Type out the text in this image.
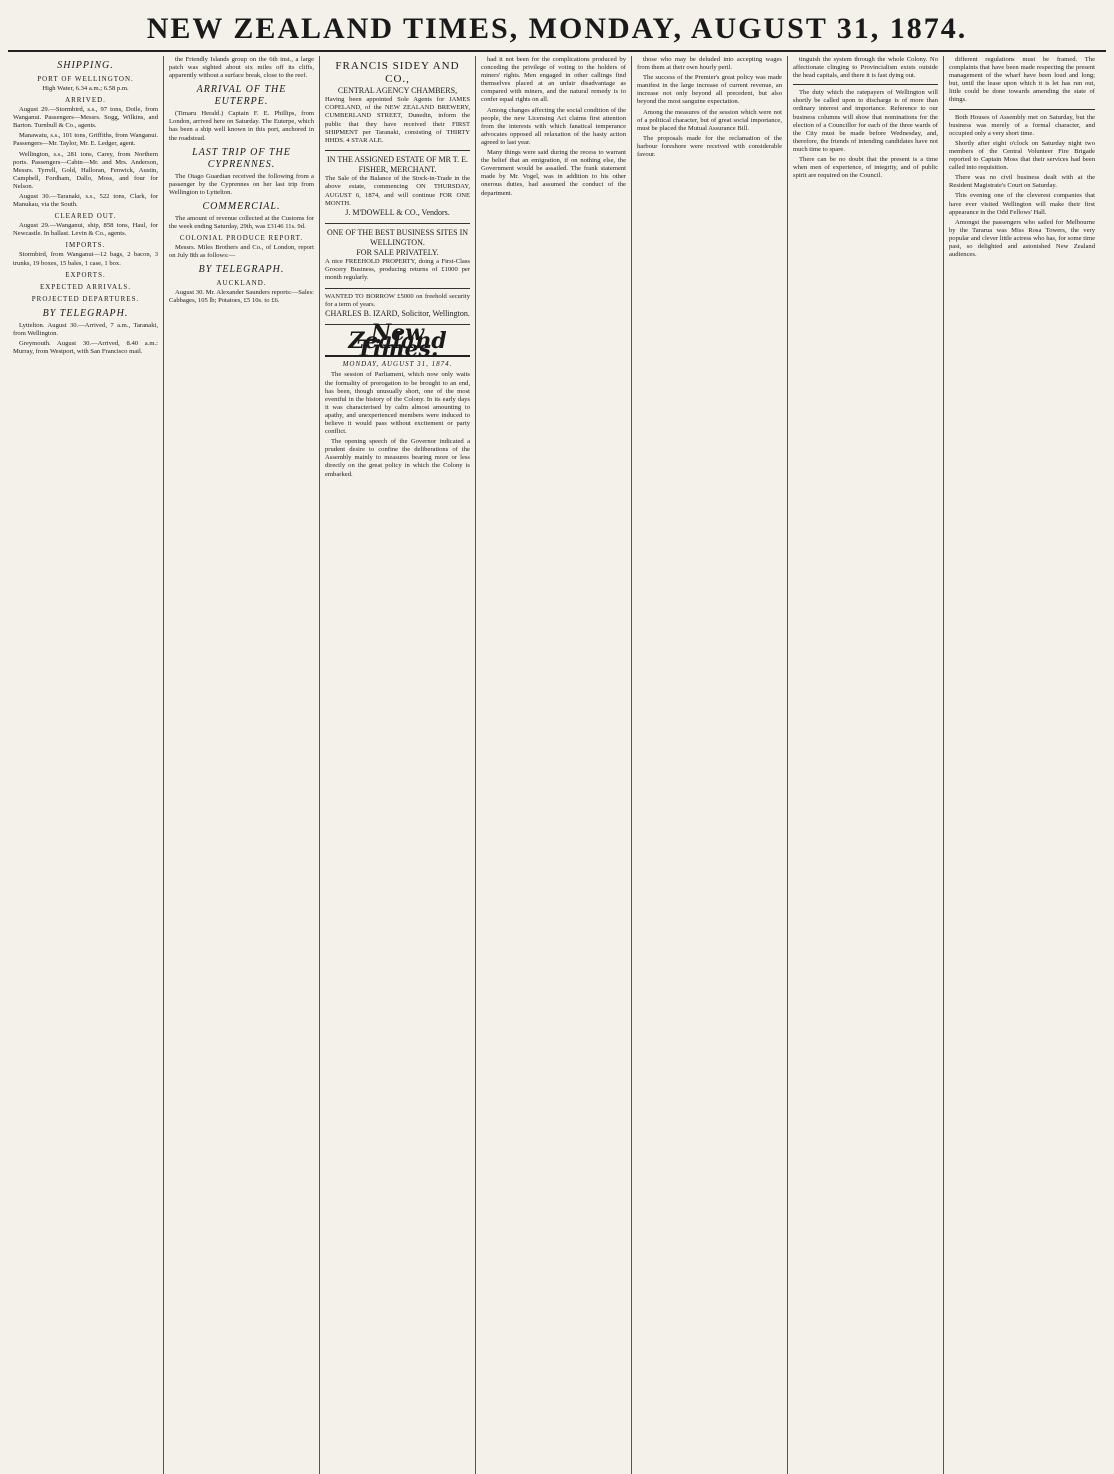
NEW ZEALAND TIMES, MONDAY, AUGUST 31, 1874.
SHIPPING.
PORT OF WELLINGTON.
High Water, 6.34 a.m.; 6.58 p.m.
ARRIVED.

August 29.—Stormbird, s.s., 97 tons, Doile, from Wanganui. Passengers—Messrs. Sogg, Wilkins, and Barton. Turnbull & Co., agents.

Manawatu, s.s., 101 tons, Griffiths, from Wanganui. Passengers—Mr. Taylor, Mr. E. Ledger, agent.

Wellington, s.s., 281 tons, Carey, from Northern ports. Passengers—Cabin—Mr. and Mrs. Anderson, Messrs. Tyrrell, Gold, Halloran, Fenwick, Austin, Campbell, Fordham, Dallo, Moss, and four for Nelson.

August 30.—Taranaki, s.s., 522 tons, Clark, for Manukau, via the South.

CLEARED OUT.

August 29.—Wanganui, ship, 858 tons, Haul, for Newcastle. In ballast. Levin & Co., agents.

IMPORTS.

Stormbird, from Wanganui—12 bags, 2 bacon, 3 trunks, 19 boxes, 15 bales, 1 case, 1 box.

EXPORTS.
EXPECTED ARRIVALS.
PROJECTED DEPARTURES.
BY TELEGRAPH.

Lyttelton. August 30.—Arrived, 7 a.m., Taranaki, from Wellington.

Greymouth. August 30.—Arrived, 8.40 a.m.: Murray, from Westport, with San Francisco mail.

the Friendly Islands group on the 6th inst., a large patch was sighted about six miles off its cliffs, apparently without a surface break, close to the reef.

ARRIVAL OF THE EUTERPE.

(Timaru Herald.) Captain F. E. Phillips, from London, arrived here on Saturday. The Euterpe, which has been a ship well known in this port, anchored in the roadstead.

LAST TRIP OF THE CYPRENNES.

The Otago Guardian received the following from a passenger by the Cyprennes on her last trip from Wellington to Lyttelton.

COMMERCIAL.

The amount of revenue collected at the Customs for the week ending Saturday, 29th, was £3146 11s. 9d.

COLONIAL PRODUCE REPORT.

Messrs. Miles Brothers and Co., of London, report on July 8th as follows:—

BY TELEGRAPH.
AUCKLAND.

August 30. Mr. Alexander Saunders reports:—Sales: Cabbages, 105 lb; Potatoes, £5 10s. to £6.

FRANCIS SIDEY AND CO.,
CENTRAL AGENCY CHAMBERS,
Having been appointed Sole Agents for JAMES COPELAND, of the NEW ZEALAND BREWERY, CUMBERLAND STREET, Dunedin, inform the public that they have received their FIRST SHIPMENT per Taranaki, consisting of THIRTY HHDS. 4 STAR ALE.
IN THE ASSIGNED ESTATE OF MR T. E. FISHER, MERCHANT.
The Sale of the Balance of the Stock-in-Trade in the above estate, commencing ON THURSDAY, AUGUST 6, 1874, and will continue FOR ONE MONTH.
J. M'DOWELL & CO., Vendors.
ONE OF THE BEST BUSINESS SITES IN WELLINGTON.
FOR SALE PRIVATELY.
A nice FREEHOLD PROPERTY, doing a First-Class Grocery Business, producing returns of £1000 per month regularly.
WANTED TO BORROW £5000 on freehold security for a term of years.
CHARLES B. IZARD, Solicitor, Wellington.
New Zealand Times.
MONDAY, AUGUST 31, 1874.

The session of Parliament, which now only waits the formality of prorogation to be brought to an end, has been, though unusually short, one of the most eventful in the history of the Colony. In its early days it was characterised by calm almost amounting to apathy, and unexperienced members were induced to believe it would pass without excitement or party conflict.

The opening speech of the Governor indicated a prudent desire to confine the deliberations of the Assembly mainly to measures bearing more or less directly on the great policy in which the Colony is embarked.

had it not been for the complications produced by conceding the privilege of voting to the holders of miners' rights. Men engaged in other callings find themselves placed at an unfair disadvantage as compared with miners, and the natural remedy is to confer equal rights on all.

Among changes affecting the social condition of the people, the new Licensing Act claims first attention from the interests with which fanatical temperance advocates opposed all relaxation of the hasty action agreed to last year.

Many things were said during the recess to warrant the belief that an emigration, if on nothing else, the Government would be assailed. The frank statement made by Mr. Vogel, was in addition to his other onerous duties, had assumed the conduct of the department.

those who may be deluded into accepting wages from them at their own hourly peril.

The success of the Premier's great policy was made manifest in the large increase of current revenue, an increase not only beyond all precedent, but also beyond the most sanguine expectation.

Among the measures of the session which were not of a political character, but of great social importance, must be placed the Mutual Assurance Bill.

The proposals made for the reclamation of the harbour foreshore were received with considerable favour.

tinguish the system through the whole Colony. No affectionate clinging to Provincialism exists outside the head capitals, and there it is fast dying out.

The duty which the ratepayers of Wellington will shortly be called upon to discharge is of more than ordinary interest and importance. Reference to our business columns will show that nominations for the election of a Councillor for each of the three wards of the City must be made before Wednesday, and, therefore, the friends of intending candidates have not much time to spare.

There can be no doubt that the present is a time when men of experience, of integrity, and of public spirit are required on the Council.

different regulations must be framed. The complaints that have been made respecting the present management of the wharf have been loud and long; but, until the lease upon which it is let has run out, little could be done towards amending the state of things.

Both Houses of Assembly met on Saturday, but the business was merely of a formal character, and occupied only a very short time.

Shortly after eight o'clock on Saturday night two members of the Central Volunteer Fire Brigade reported to Captain Moss that their services had been called into requisition.

There was no civil business dealt with at the Resident Magistrate's Court on Saturday.

This evening one of the cleverest companies that have ever visited Wellington will make their first appearance in the Odd Fellows' Hall.

Amongst the passengers who sailed for Melbourne by the Tararua was Miss Rosa Towers, the very popular and clever little actress who has, for some time past, so delighted and astonished New Zealand audiences.
